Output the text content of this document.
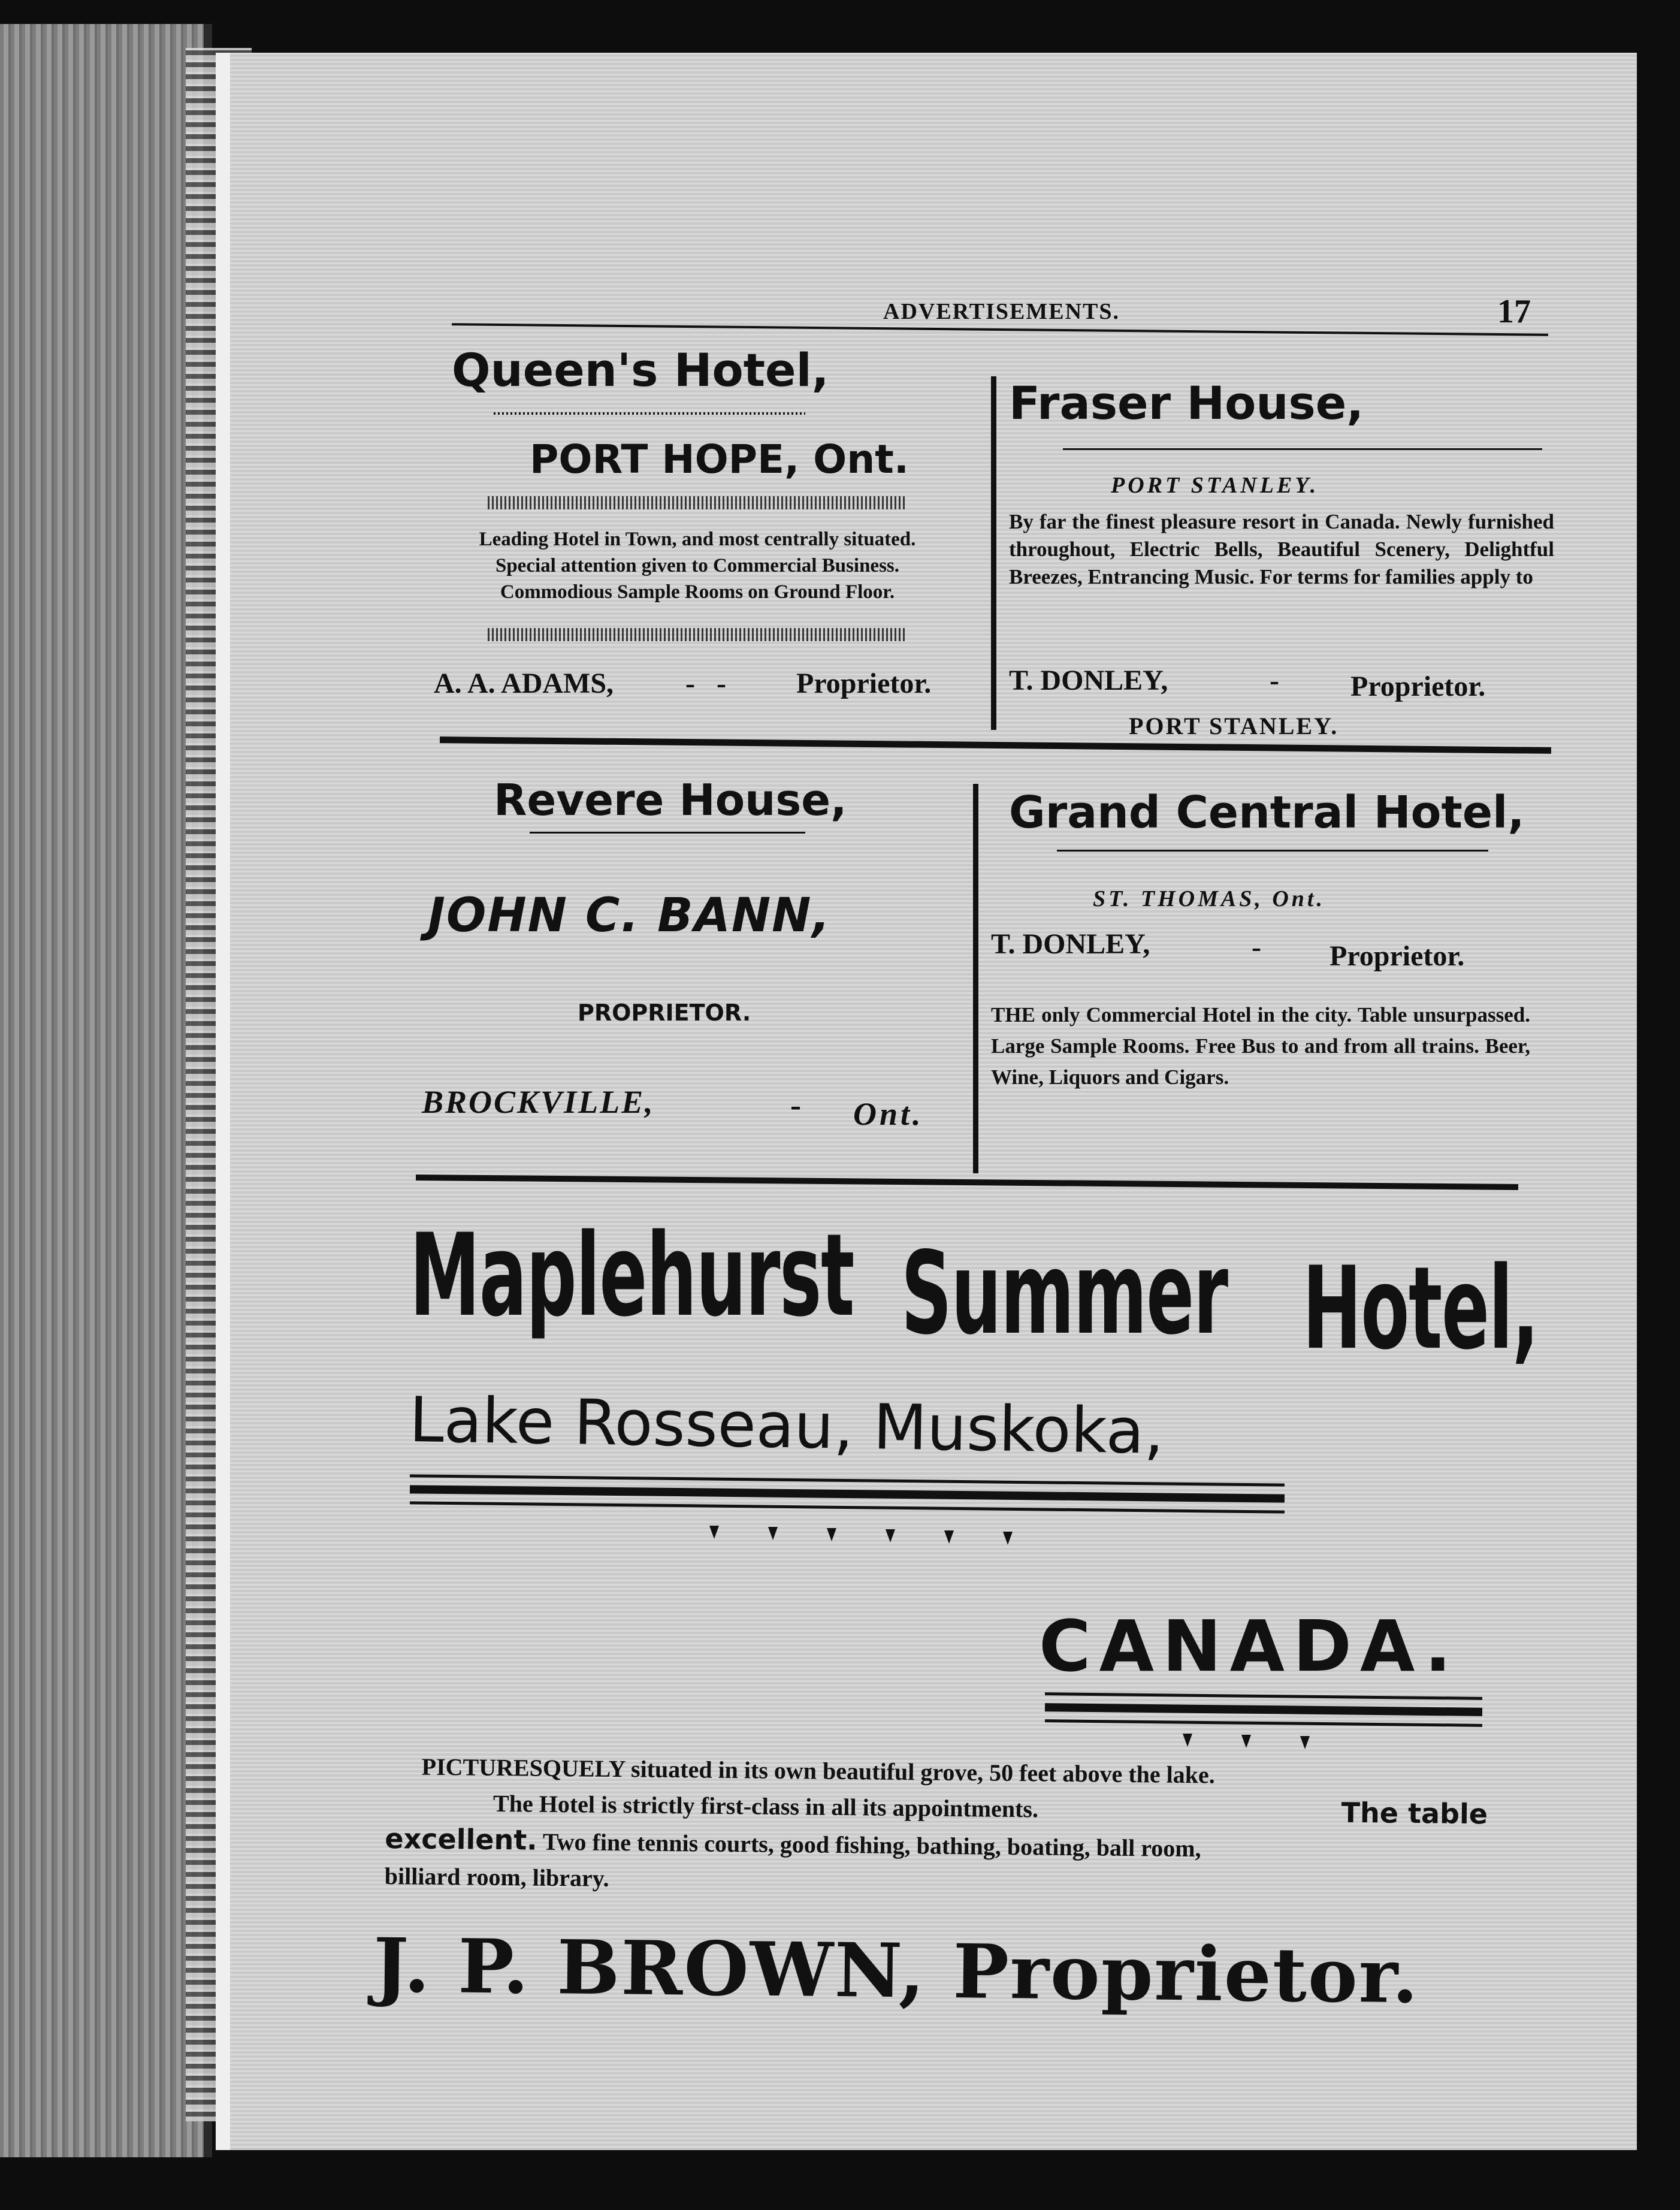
ADVERTISEMENTS.	17
Queen's Hotel,
PORT HOPE, Ont.
Leading Hotel in Town, and most centrally situated.
Special attention given to Commercial Business.
Commodious Sample Rooms on Ground Floor.
A. A. ADAMS, -   - Proprietor.
Fraser House,
PORT STANLEY.
By far the finest pleasure resort in Canada. Newly furnished throughout, Electric Bells, Beautiful Scenery, Delightful Breezes, Entrancing Music. For terms for families apply to
T. DONLEY,	- Proprietor.
PORT STANLEY.
Revere House,
JOHN C. BANN,
PROPRIETOR.
BROCKVILLE,	- Ont.
Grand Central Hotel,
ST. THOMAS, Ont.
T. DONLEY,	- Proprietor.
THE only Commercial Hotel in the city. Table unsurpassed. Large Sample Rooms. Free Bus to and from all trains. Beer, Wine, Liquors and Cigars.
Maplehurst Summer Hotel,
Lake Rosseau, Muskoka,
CANADA.
PICTURESQUELY situated in its own beautiful grove, 50 feet above the lake.
The Hotel is strictly first-class in all its appointments.	The table
excellent. Two fine tennis courts, good fishing, bathing, boating, ball room,
billiard room, library.
J. P. BROWN, Proprietor.
